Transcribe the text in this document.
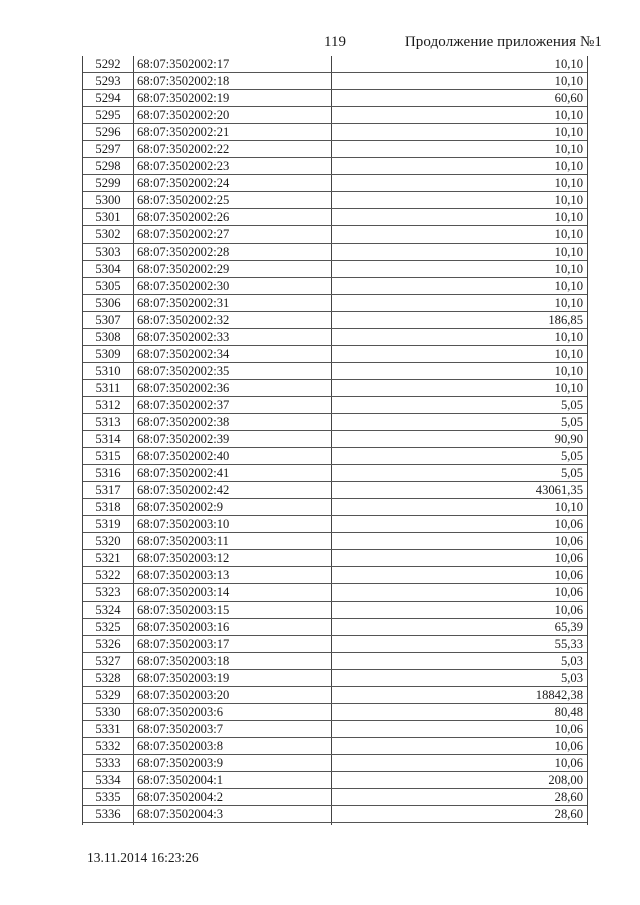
119	Продолжение приложения №1
5292	68:07:3502002:17	10,10
5293	68:07:3502002:18	10,10
5294	68:07:3502002:19	60,60
5295	68:07:3502002:20	10,10
5296	68:07:3502002:21	10,10
5297	68:07:3502002:22	10,10
5298	68:07:3502002:23	10,10
5299	68:07:3502002:24	10,10
5300	68:07:3502002:25	10,10
5301	68:07:3502002:26	10,10
5302	68:07:3502002:27	10,10
5303	68:07:3502002:28	10,10
5304	68:07:3502002:29	10,10
5305	68:07:3502002:30	10,10
5306	68:07:3502002:31	10,10
5307	68:07:3502002:32	186,85
5308	68:07:3502002:33	10,10
5309	68:07:3502002:34	10,10
5310	68:07:3502002:35	10,10
5311	68:07:3502002:36	10,10
5312	68:07:3502002:37	5,05
5313	68:07:3502002:38	5,05
5314	68:07:3502002:39	90,90
5315	68:07:3502002:40	5,05
5316	68:07:3502002:41	5,05
5317	68:07:3502002:42	43061,35
5318	68:07:3502002:9	10,10
5319	68:07:3502003:10	10,06
5320	68:07:3502003:11	10,06
5321	68:07:3502003:12	10,06
5322	68:07:3502003:13	10,06
5323	68:07:3502003:14	10,06
5324	68:07:3502003:15	10,06
5325	68:07:3502003:16	65,39
5326	68:07:3502003:17	55,33
5327	68:07:3502003:18	5,03
5328	68:07:3502003:19	5,03
5329	68:07:3502003:20	18842,38
5330	68:07:3502003:6	80,48
5331	68:07:3502003:7	10,06
5332	68:07:3502003:8	10,06
5333	68:07:3502003:9	10,06
5334	68:07:3502004:1	208,00
5335	68:07:3502004:2	28,60
5336	68:07:3502004:3	28,60
13.11.2014 16:23:26
